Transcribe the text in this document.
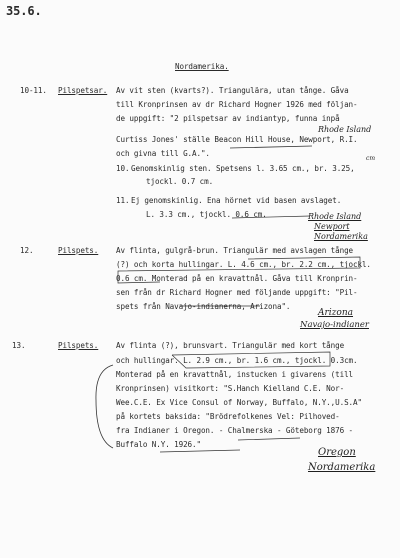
35.6.
Nordamerika.
10-11. Pilspetsar. Av vit sten (kvarts?). Triangulära, utan tånge. Gåva
till Kronprinsen av dr Richard Hogner 1926 med följan-
de uppgift: "2 pilspetsar av indiantyp, funna inpå
Curtiss Jones' ställe Beacon Hill House, Newport, R.I.
och givna till G.A.".
10. Genomskinlig sten. Spetsens l. 3.65 cm., br. 3.25,
tjockl. 0.7 cm.
11. Ej genomskinlig. Ena hörnet vid basen avslaget.
L. 3.3 cm., tjockl. 0.6 cm.
Rhode Island
cm
Rhode Island
Newport
Nordamerika
12.	Pilspets. Av flinta, gulgrå-brun. Triangulär med avslagen tånge
(?) och korta hullingar. L. 4.6 cm., br. 2.2 cm., tjockl.
0.6 cm. Monterad på en kravattnål. Gåva till Kronprin-
sen från dr Richard Hogner med följande uppgift: "Pil-
spets från Navajo-indianerna, Arizona".
Arizona
Navajo-indianer
13.	Pilspets. Av flinta (?), brunsvart. Triangulär med kort tånge
och hullingar. L. 2.9 cm., br. 1.6 cm., tjockl. 0.3cm.
Monterad på en kravattnål, instucken i givarens (till
Kronprinsen) visitkort: "S.Hanch Kielland C.E. Nor-
Wee.C.E. Ex Vice Consul of Norway, Buffalo, N.Y.,U.S.A"
på kortets baksida: "Brödrefolkenes Vel: Pilhoved-
fra Indianer i Oregon. - Chalmerska - Göteborg 1876 -
Buffalo N.Y. 1926."
Oregon
Nordamerika
